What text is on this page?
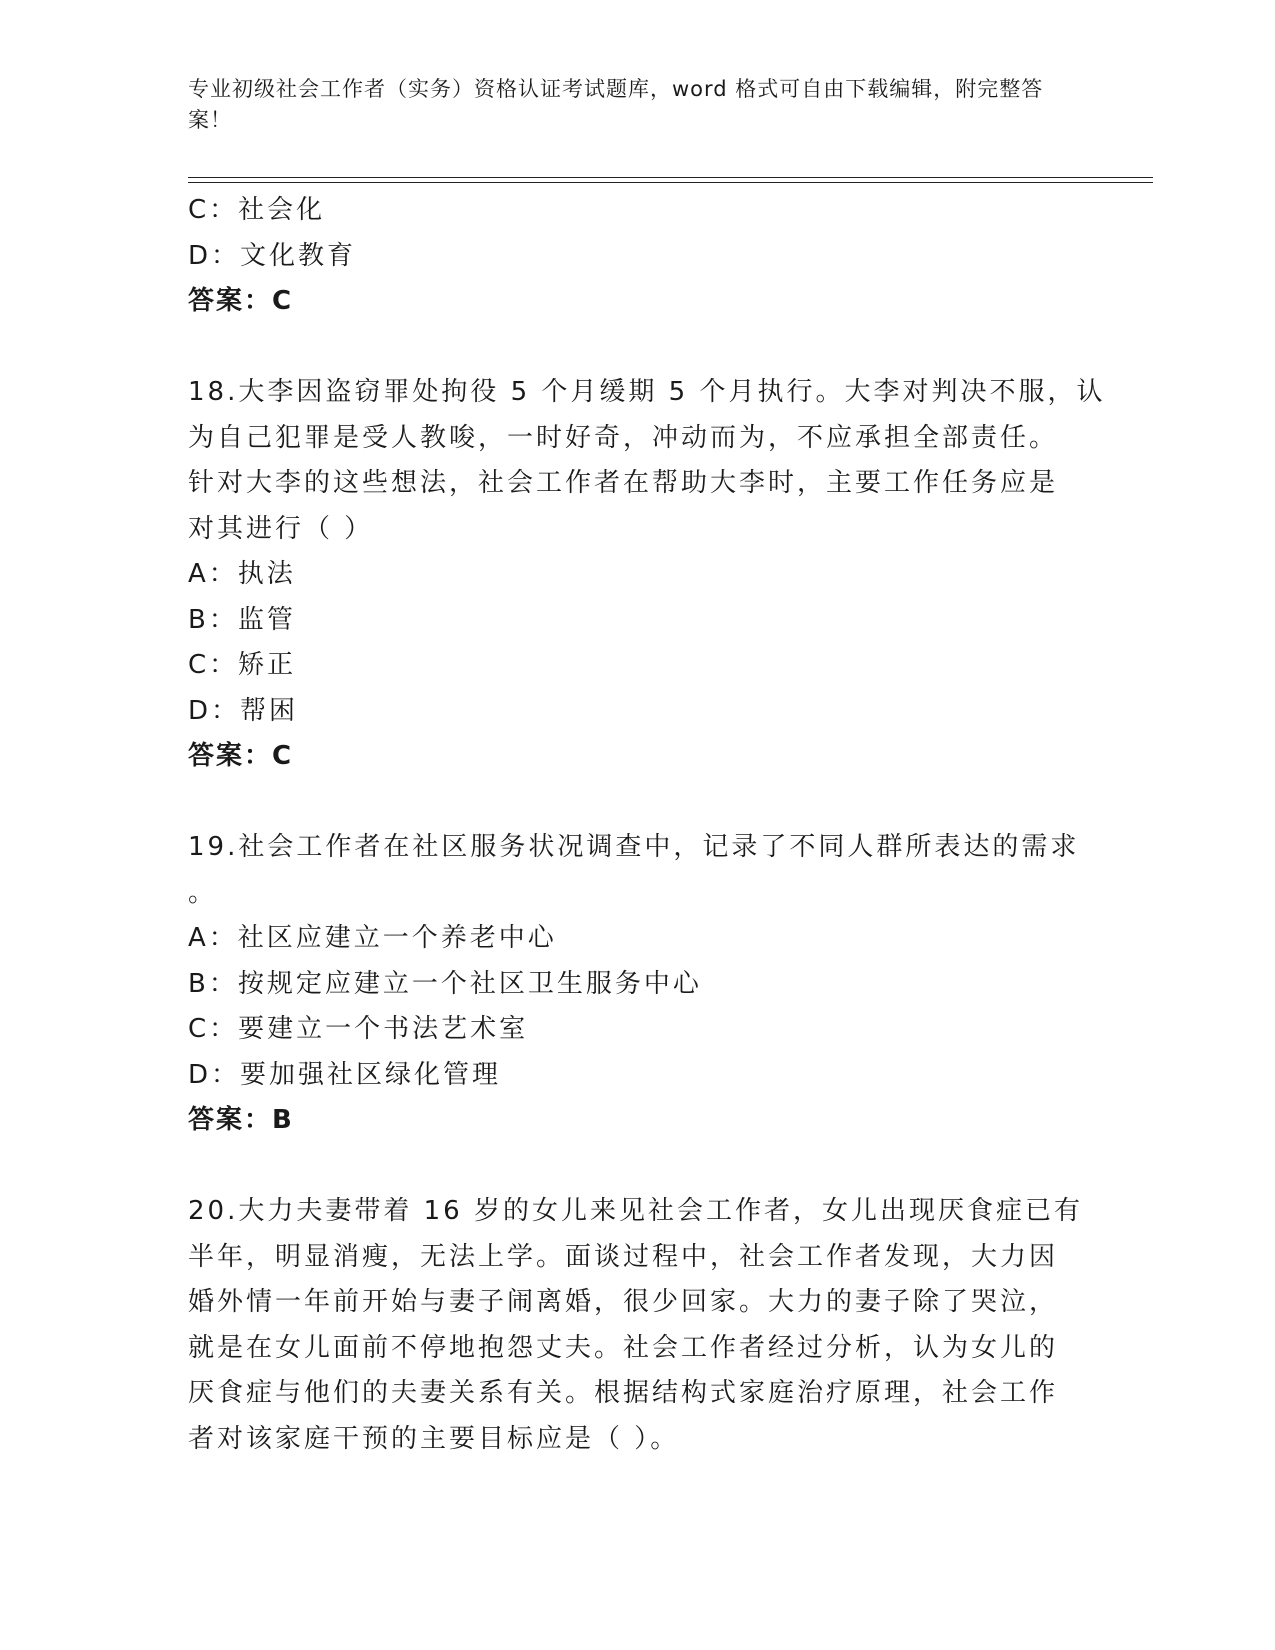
专业初级社会工作者（实务）资格认证考试题库，word 格式可自由下载编辑，附完整答案！
C：社会化
D：文化教育
答案：C
18.大李因盗窃罪处拘役 5 个月缓期 5 个月执行。大李对判决不服，认
为自己犯罪是受人教唆，一时好奇，冲动而为，不应承担全部责任。
针对大李的这些想法，社会工作者在帮助大李时，主要工作任务应是
对其进行（ ）
A：执法
B：监管
C：矫正
D：帮困
答案：C
19.社会工作者在社区服务状况调查中，记录了不同人群所表达的需求
。
A：社区应建立一个养老中心
B：按规定应建立一个社区卫生服务中心
C：要建立一个书法艺术室
D：要加强社区绿化管理
答案：B
20.大力夫妻带着 16 岁的女儿来见社会工作者，女儿出现厌食症已有
半年，明显消瘦，无法上学。面谈过程中，社会工作者发现，大力因
婚外情一年前开始与妻子闹离婚，很少回家。大力的妻子除了哭泣，
就是在女儿面前不停地抱怨丈夫。社会工作者经过分析，认为女儿的
厌食症与他们的夫妻关系有关。根据结构式家庭治疗原理，社会工作
者对该家庭干预的主要目标应是（ ）。
